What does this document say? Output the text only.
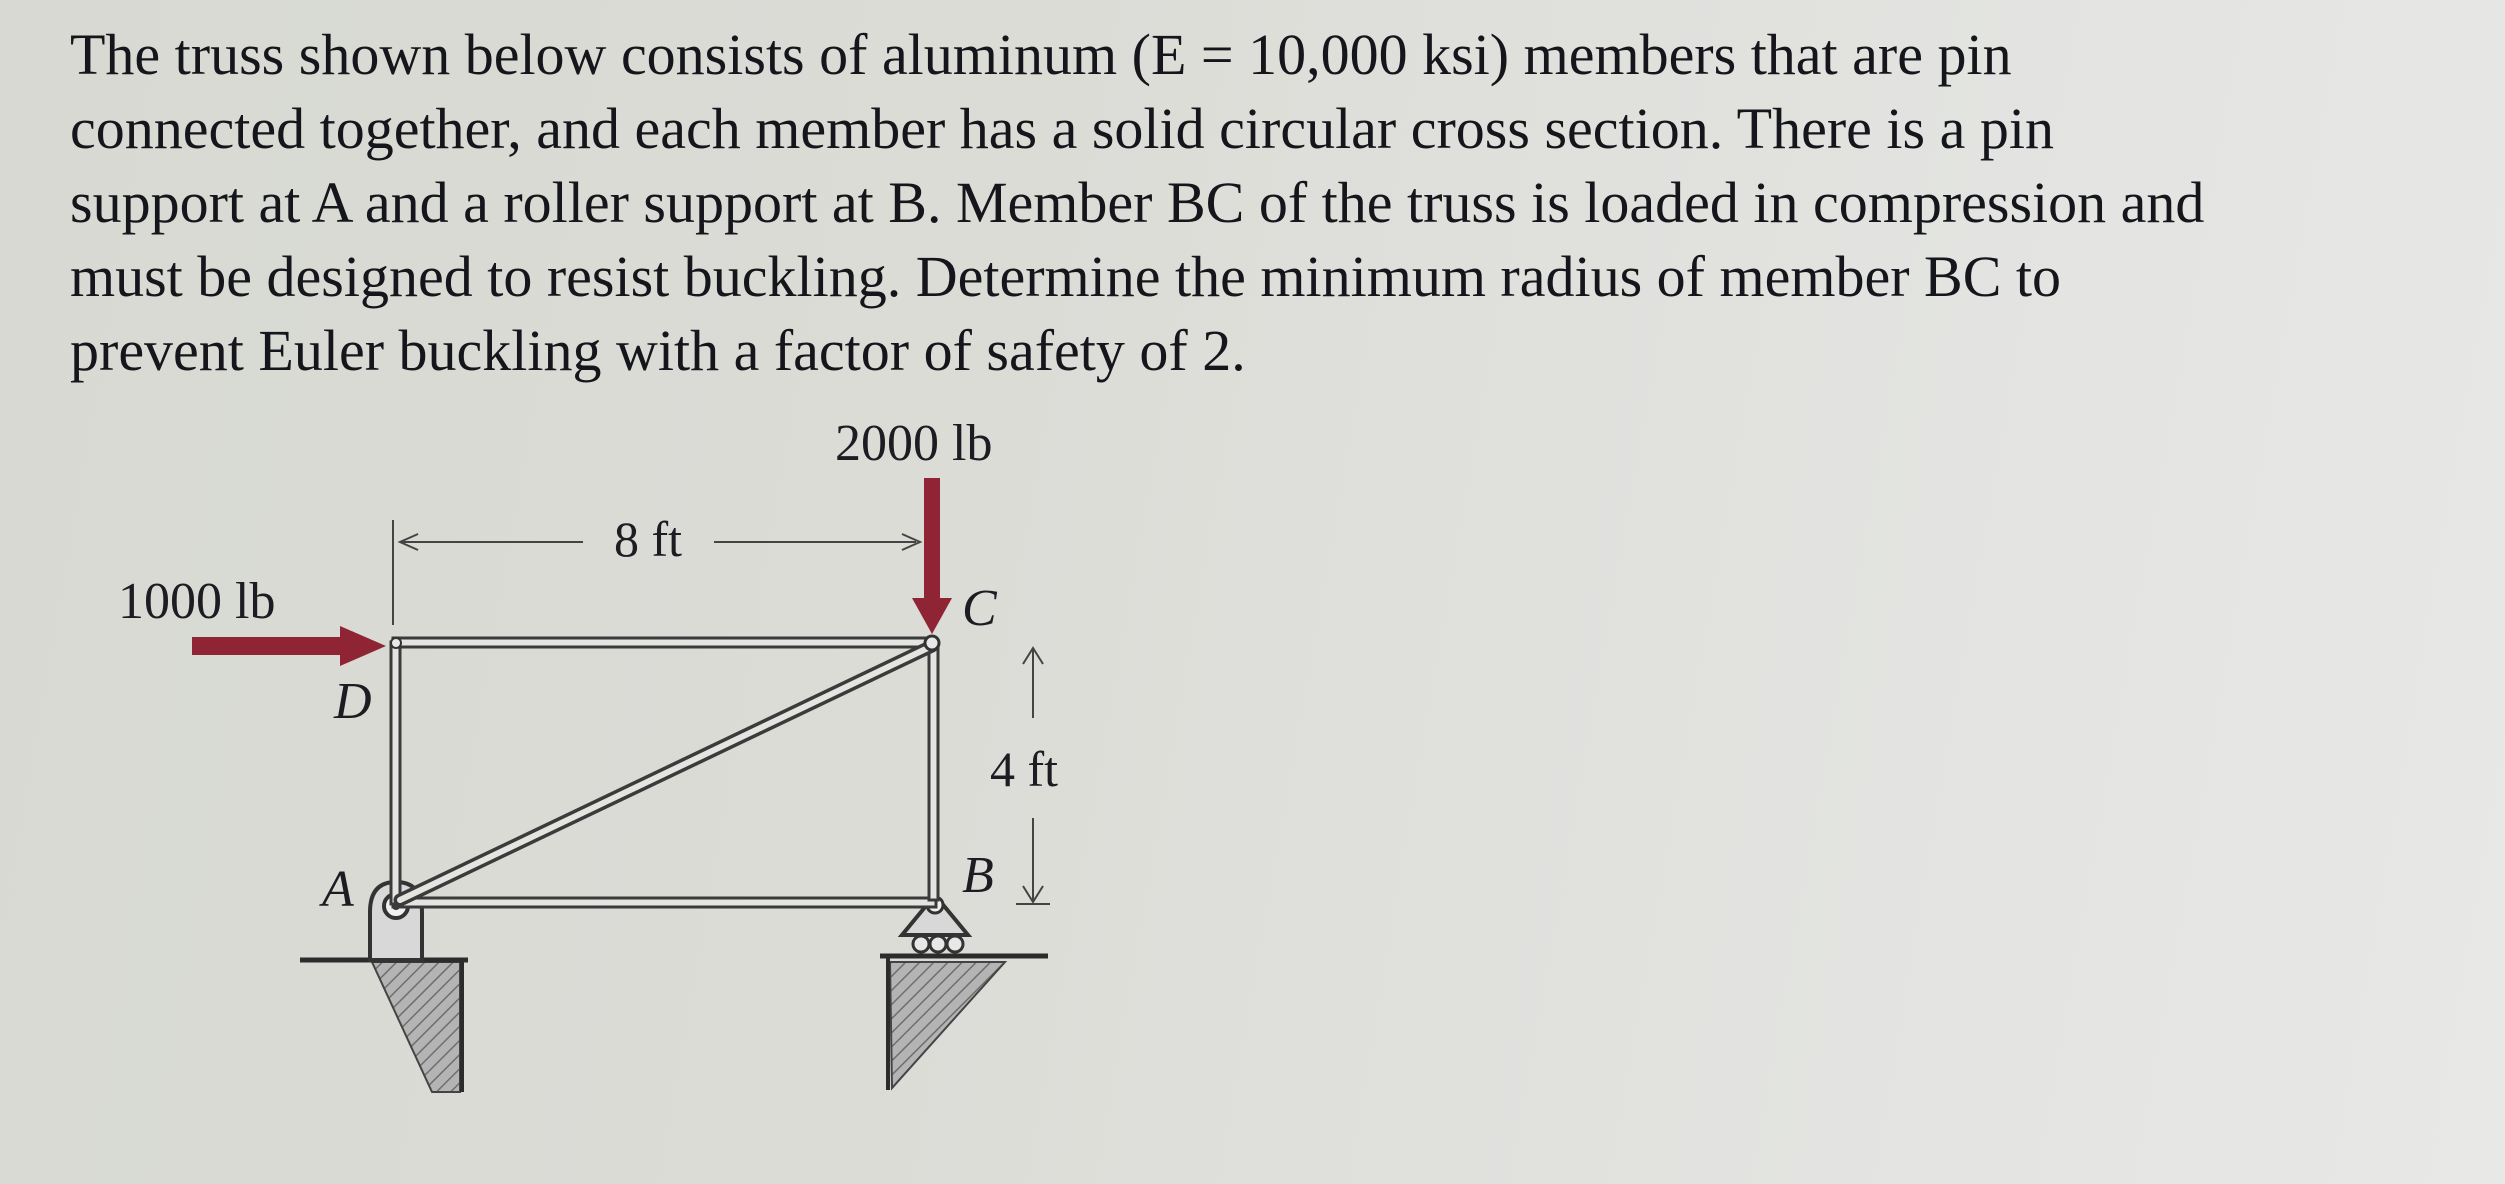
The truss shown below consists of aluminum (E = 10,000 ksi) members that are pin
connected together, and each member has a solid circular cross section. There is a pin
support at A and a roller support at B. Member BC of the truss is loaded in compression and
must be designed to resist buckling. Determine the minimum radius of member BC to
prevent Euler buckling with a factor of safety of 2.
2000 lb
1000 lb
8 ft
4 ft
C
D
A	B
